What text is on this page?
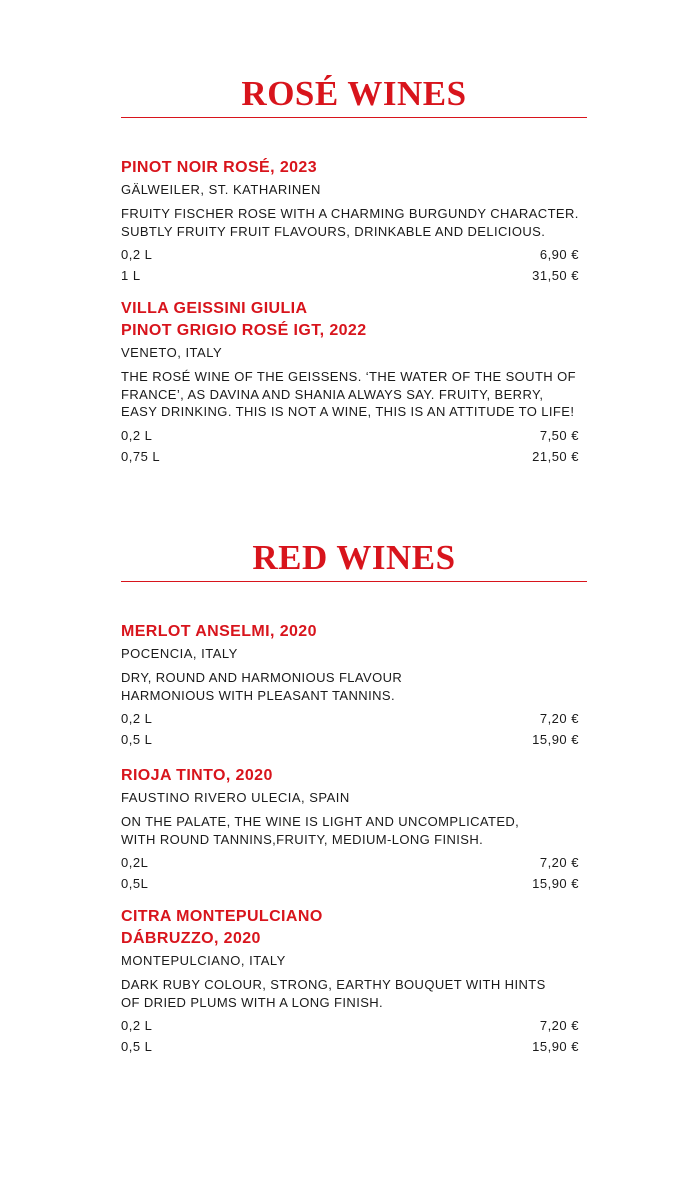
ROSÉ WINES
PINOT NOIR ROSÉ, 2023
GÄLWEILER, ST. KATHARINEN
FRUITY FISCHER ROSE WITH A CHARMING BURGUNDY CHARACTER.
SUBTLY FRUITY FRUIT FLAVOURS, DRINKABLE AND DELICIOUS.
0,2 L	6,90 €
1 L	31,50 €
VILLA GEISSINI GIULIA
PINOT GRIGIO ROSÉ IGT, 2022
VENETO, ITALY
THE ROSÉ WINE OF THE GEISSENS. ‘THE WATER OF THE SOUTH OF
FRANCE’, AS DAVINA AND SHANIA ALWAYS SAY. FRUITY, BERRY,
EASY DRINKING. THIS IS NOT A WINE, THIS IS AN ATTITUDE TO LIFE!
0,2 L	7,50 €
0,75 L	21,50 €
RED WINES
MERLOT ANSELMI, 2020
POCENCIA, ITALY
DRY, ROUND AND HARMONIOUS FLAVOUR
HARMONIOUS WITH PLEASANT TANNINS.
0,2 L	7,20 €
0,5 L	15,90 €
RIOJA TINTO, 2020
FAUSTINO RIVERO ULECIA, SPAIN
ON THE PALATE, THE WINE IS LIGHT AND UNCOMPLICATED,
WITH ROUND TANNINS,FRUITY, MEDIUM-LONG FINISH.
0,2L	7,20 €
0,5L	15,90 €
CITRA MONTEPULCIANO
DÁBRUZZO, 2020
MONTEPULCIANO, ITALY
DARK RUBY COLOUR, STRONG, EARTHY BOUQUET WITH HINTS
OF DRIED PLUMS WITH A LONG FINISH.
0,2 L	7,20 €
0,5 L	15,90 €
